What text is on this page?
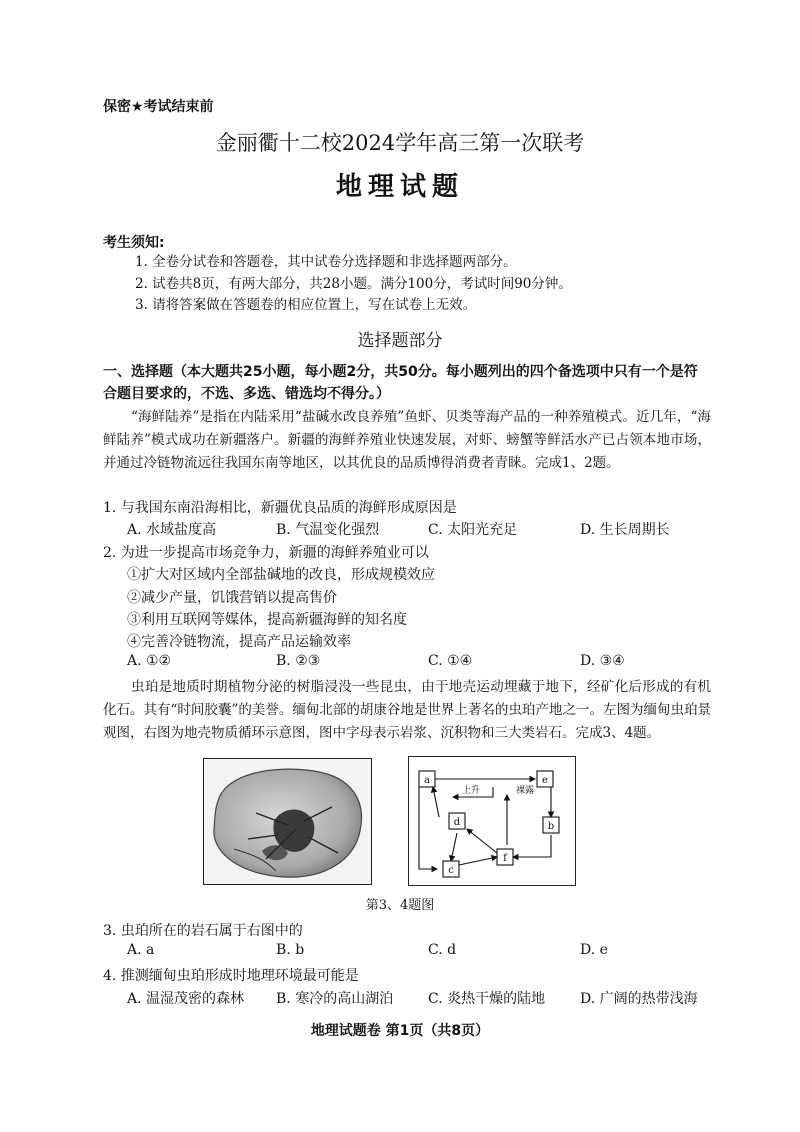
保密★考试结束前
金丽衢十二校2024学年高三第一次联考
地理试题
考生须知:
1. 全卷分试卷和答题卷，其中试卷分选择题和非选择题两部分。
2. 试卷共8页，有两大部分，共28小题。满分100分，考试时间90分钟。
3. 请将答案做在答题卷的相应位置上，写在试卷上无效。
选择题部分
一、选择题（本大题共25小题，每小题2分，共50分。每小题列出的四个备选项中只有一个是符合题目要求的，不选、多选、错选均不得分。）
“海鲜陆养”是指在内陆采用“盐碱水改良养殖”鱼虾、贝类等海产品的一种养殖模式。近几年，“海鲜陆养”模式成功在新疆落户。新疆的海鲜养殖业快速发展，对虾、螃蟹等鲜活水产已占领本地市场，并通过冷链物流远往我国东南等地区，以其优良的品质博得消费者青睐。完成1、2题。
1. 与我国东南沿海相比，新疆优良品质的海鲜形成原因是
A. 水域盐度高	B. 气温变化强烈	C. 太阳光充足	D. 生长周期长
2. 为进一步提高市场竞争力，新疆的海鲜养殖业可以
①扩大对区域内全部盐碱地的改良，形成规模效应
②减少产量，饥饿营销以提高售价
③利用互联网等媒体，提高新疆海鲜的知名度
④完善冷链物流，提高产品运输效率
A. ①②	B. ②③	C. ①④	D. ③④
虫珀是地质时期植物分泌的树脂浸没一些昆虫，由于地壳运动埋藏于地下，经矿化后形成的有机化石。其有“时间胶囊”的美誉。缅甸北部的胡康谷地是世界上著名的虫珀产地之一。左图为缅甸虫珀景观图，右图为地壳物质循环示意图，图中字母表示岩浆、沉积物和三大类岩石。完成3、4题。
a	e
d	b
f
c
上升	裸露
第3、4题图
3. 虫珀所在的岩石属于右图中的
A. a	B. b	C. d	D. e
4. 推测缅甸虫珀形成时地理环境最可能是
A. 温湿茂密的森林 B. 寒冷的高山湖泊 C. 炎热干燥的陆地 D. 广阔的热带浅海
地理试题卷 第1页（共8页）
